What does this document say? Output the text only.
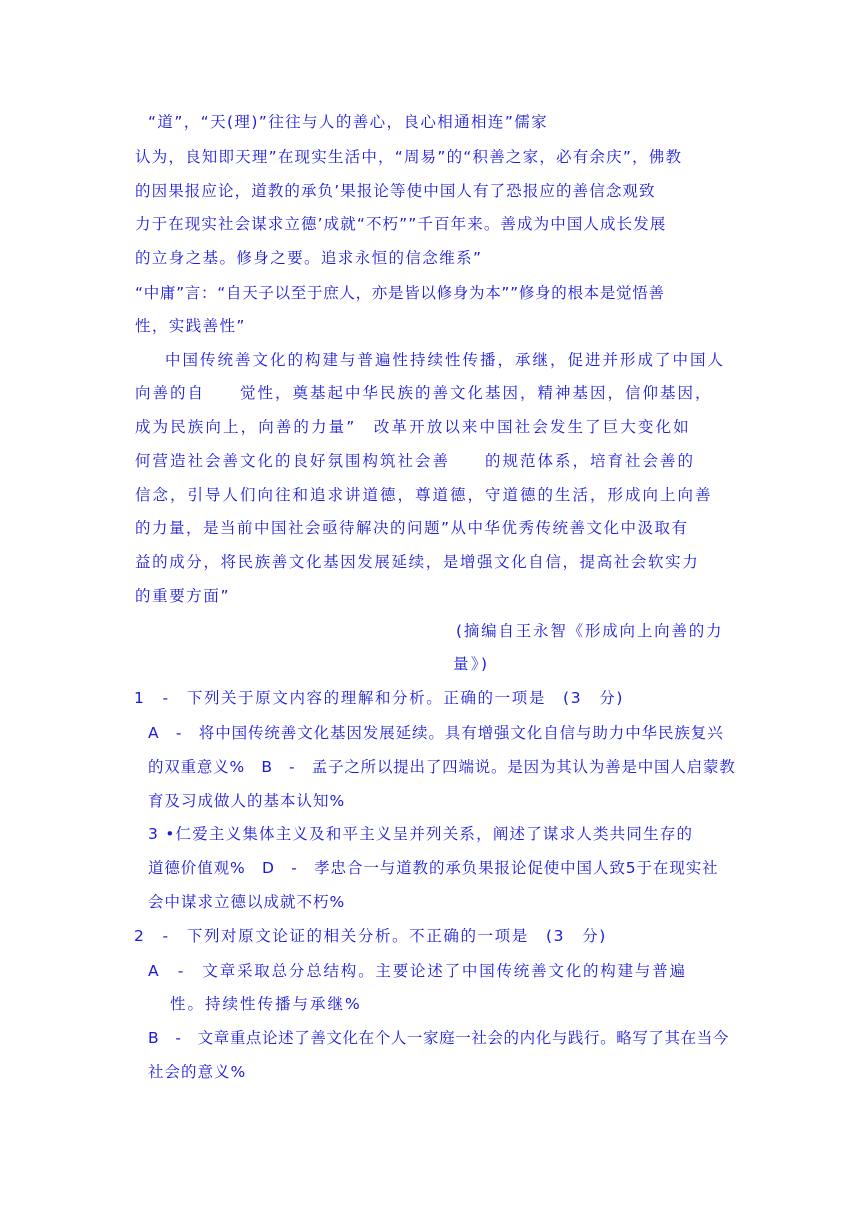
“道”，“天(理)”往往与人的善心，良心相通相连”儒家
认为，良知即天理”在现实生活中，“周易”的“积善之家，必有余庆”，佛教
的因果报应论，道教的承负’果报论等使中国人有了恐报应的善信念观致
力于在现实社会谋求立德’成就“不朽””千百年来。善成为中国人成长发展
的立身之基。修身之要。追求永恒的信念维系”
“中庸”言：“自天子以至于庶人，亦是皆以修身为本””修身的根本是觉悟善
性，实践善性”
中国传统善文化的构建与普遍性持续性传播，承继，促进并形成了中国人
向善的自　　觉性，奠基起中华民族的善文化基因，精神基因，信仰基因，
成为民族向上，向善的力量”　改革开放以来中国社会发生了巨大变化如
何营造社会善文化的良好氛围构筑社会善　　的规范体系，培育社会善的
信念，引导人们向往和追求讲道德，尊道德，守道德的生活，形成向上向善
的力量，是当前中国社会亟待解决的问题”从中华优秀传统善文化中汲取有
益的成分，将民族善文化基因发展延续，是增强文化自信，提高社会软实力
的重要方面”
(摘编自王永智《形成向上向善的力
量》)
1　-　下列关于原文内容的理解和分析。正确的一项是　(3　分)
A　-　将中国传统善文化基因发展延续。具有增强文化自信与助力中华民族复兴
的双重意义%　B　-　孟子之所以提出了四端说。是因为其认为善是中国人启蒙教
育及习成做人的基本认知%
3 •仁爱主义集体主义及和平主义呈并列关系，阐述了谋求人类共同生存的
道德价值观%　D　-　孝忠合一与道教的承负果报论促使中国人致5于在现实社
会中谋求立德以成就不朽%
2　-　下列对原文论证的相关分析。不正确的一项是　(3　分)
A　-　文章采取总分总结构。主要论述了中国传统善文化的构建与普遍
性。持续性传播与承继%
B　-　文章重点论述了善文化在个人一家庭一社会的内化与践行。略写了其在当今
社会的意义%
